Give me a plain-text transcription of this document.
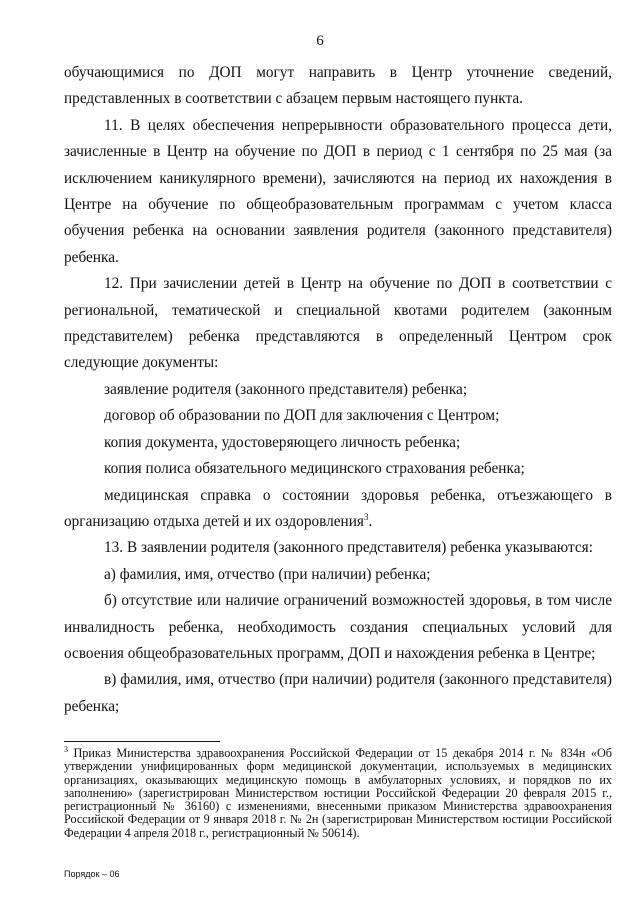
6

обучающимися по ДОП могут направить в Центр уточнение сведений, представленных в соответствии с абзацем первым настоящего пункта.

11. В целях обеспечения непрерывности образовательного процесса дети, зачисленные в Центр на обучение по ДОП в период с 1 сентября по 25 мая (за исключением каникулярного времени), зачисляются на период их нахождения в Центре на обучение по общеобразовательным программам с учетом класса обучения ребенка на основании заявления родителя (законного представителя) ребенка.

12. При зачислении детей в Центр на обучение по ДОП в соответствии с региональной, тематической и специальной квотами родителем (законным представителем) ребенка представляются в определенный Центром срок следующие документы:

заявление родителя (законного представителя) ребенка;

договор об образовании по ДОП для заключения с Центром;

копия документа, удостоверяющего личность ребенка;

копия полиса обязательного медицинского страхования ребенка;

медицинская справка о состоянии здоровья ребенка, отъезжающего в организацию отдыха детей и их оздоровления$^3$.

13. В заявлении родителя (законного представителя) ребенка указываются:

а) фамилия, имя, отчество (при наличии) ребенка;

б) отсутствие или наличие ограничений возможностей здоровья, в том числе инвалидность ребенка, необходимость создания специальных условий для освоения общеобразовательных программ, ДОП и нахождения ребенка в Центре;

в) фамилия, имя, отчество (при наличии) родителя (законного представителя) ребенка;

$^3$ Приказ Министерства здравоохранения Российской Федерации от 15 декабря 2014 г. № 834н «Об утверждении унифицированных форм медицинской документации, используемых в медицинских организациях, оказывающих медицинскую помощь в амбулаторных условиях, и порядков по их заполнению» (зарегистрирован Министерством юстиции Российской Федерации 20 февраля 2015 г., регистрационный № 36160) с изменениями, внесенными приказом Министерства здравоохранения Российской Федерации от 9 января 2018 г. № 2н (зарегистрирован Министерством юстиции Российской Федерации 4 апреля 2018 г., регистрационный № 50614).
Порядок – 06
